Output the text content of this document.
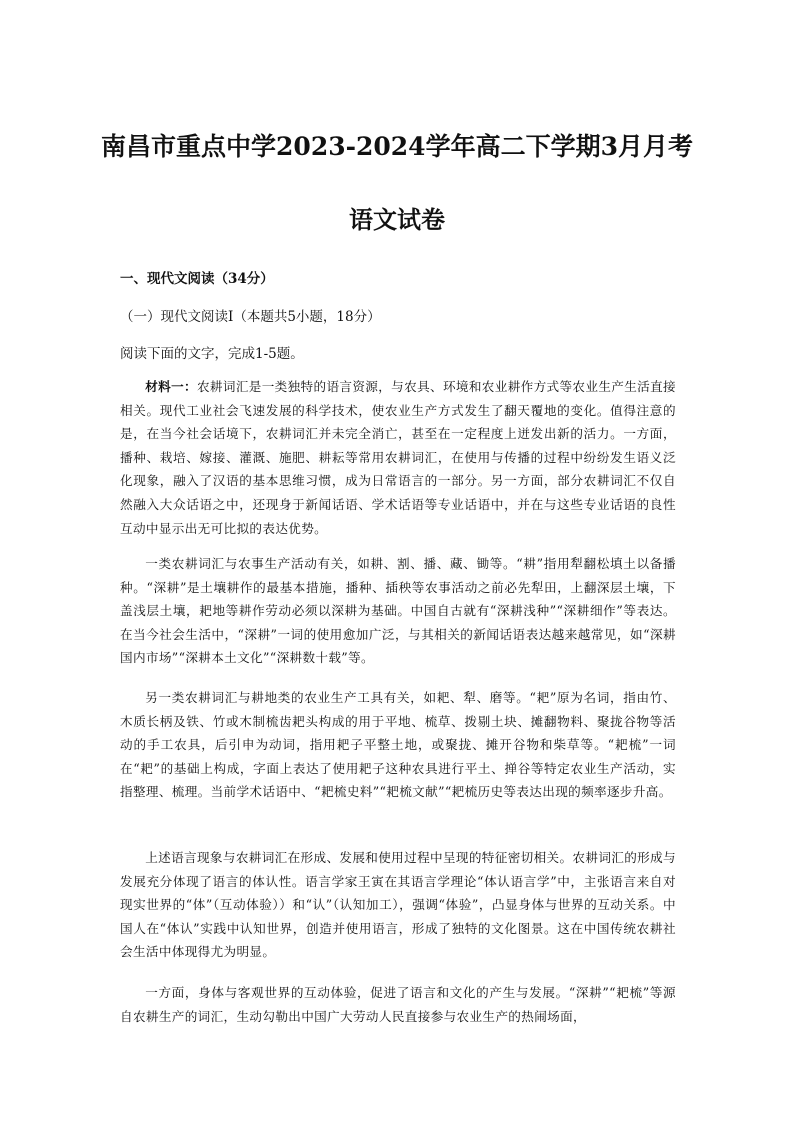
南昌市重点中学2023-2024学年高二下学期3月月考
语文试卷
一、现代文阅读（34分）
（一）现代文阅读I（本题共5小题，18分）
阅读下面的文字，完成1-5题。
材料一：农耕词汇是一类独特的语言资源，与农具、环境和农业耕作方式等农业生产生活直接相关。现代工业社会飞速发展的科学技术，使农业生产方式发生了翻天覆地的变化。值得注意的是，在当今社会话境下，农耕词汇并未完全消亡，甚至在一定程度上迸发出新的活力。一方面，播种、栽培、嫁接、灌溉、施肥、耕耘等常用农耕词汇，在使用与传播的过程中纷纷发生语义泛化现象，融入了汉语的基本思维习惯，成为日常语言的一部分。另一方面，部分农耕词汇不仅自然融入大众话语之中，还现身于新闻话语、学术话语等专业话语中，并在与这些专业话语的良性互动中显示出无可比拟的表达优势。
一类农耕词汇与农事生产活动有关，如耕、割、播、藏、锄等。“耕”指用犁翻松填土以备播种。“深耕”是土壤耕作的最基本措施，播种、插秧等农事活动之前必先犁田，上翻深层土壤，下盖浅层土壤，耙地等耕作劳动必须以深耕为基础。中国自古就有“深耕浅种”“深耕细作”等表达。在当今社会生活中，“深耕”一词的使用愈加广泛，与其相关的新闻话语表达越来越常见，如“深耕国内市场”“深耕本土文化”“深耕数十载”等。
另一类农耕词汇与耕地类的农业生产工具有关，如耙、犁、磨等。“耙”原为名词，指由竹、木质长柄及铁、竹或木制梳齿耙头构成的用于平地、梳草、拨剔土块、摊翻物料、聚拢谷物等活动的手工农具，后引申为动词，指用耙子平整土地，或聚拢、摊开谷物和柴草等。“耙梳”一词在“耙”的基础上构成，字面上表达了使用耙子这种农具进行平土、掸谷等特定农业生产活动，实指整理、梳理。当前学术话语中、“耙梳史料”“耙梳文献”“耙梳历史等表达出现的频率逐步升高。
上述语言现象与农耕词汇在形成、发展和使用过程中呈现的特征密切相关。农耕词汇的形成与发展充分体现了语言的体认性。语言学家王寅在其语言学理论“体认语言学”中，主张语言来自对现实世界的“体”（互动体验））和“认”（认知加工），强调“体验”，凸显身体与世界的互动关系。中国人在“体认”实践中认知世界，创造并使用语言，形成了独特的文化图景。这在中国传统农耕社会生活中体现得尤为明显。
一方面，身体与客观世界的互动体验，促进了语言和文化的产生与发展。“深耕”“耙梳”等源自农耕生产的词汇，生动勾勒出中国广大劳动人民直接参与农业生产的热闹场面，
